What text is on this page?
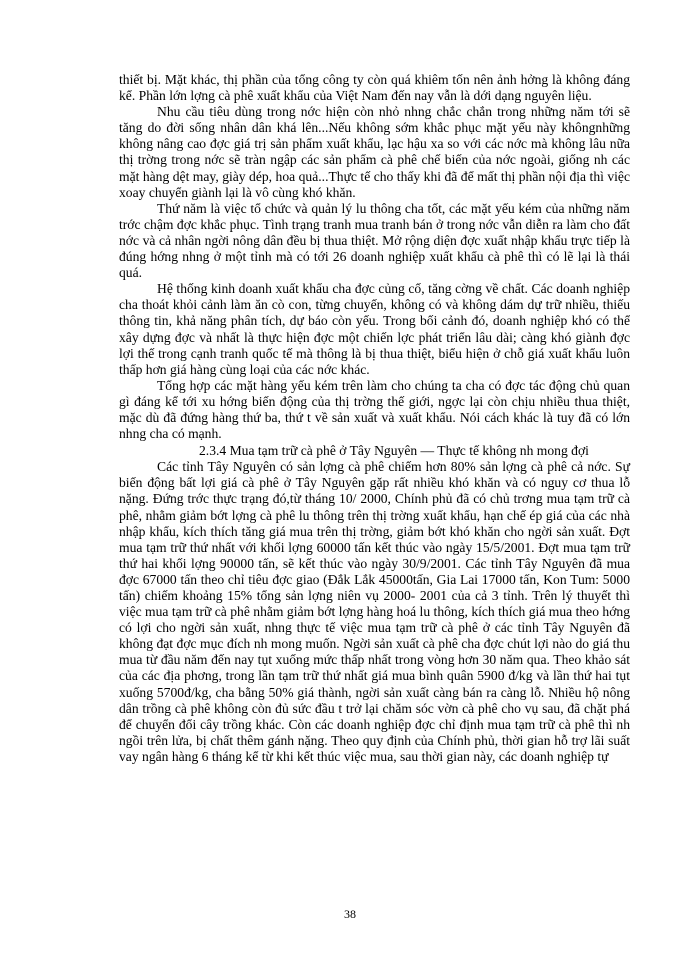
thiết bị. Mặt khác, thị phần của tổng công ty còn quá khiêm tốn nên ảnh hởng là không đáng kể. Phần lớn lợng cà phê xuất khẩu của Việt Nam đến nay vẫn là dới dạng nguyên liệu.

Nhu cầu tiêu dùng trong nớc hiện còn nhỏ nhng chắc chắn trong những năm tới sẽ tăng do đời sống nhân dân khá lên...Nếu không sớm khắc phục mặt yếu này khôngnhững không nâng cao đợc giá trị sản phẩm xuất khẩu, lạc hậu xa so với các nớc mà không lâu nữa thị trờng trong nớc sẽ tràn ngập các sản phẩm cà phê chế biến của nớc ngoài, giống nh các mặt hàng dệt may, giày dép, hoa quả...Thực tế cho thấy khi đã để mất thị phần nội địa thì việc xoay chuyển giành lại là vô cùng khó khăn.

Thứ năm là việc tổ chức và quản lý lu thông cha tốt, các mặt yếu kém của những năm trớc chậm đợc khắc phục. Tình trạng tranh mua tranh bán ở trong nớc vẫn diễn ra làm cho đất nớc và cả nhân ngời nông dân đều bị thua thiệt. Mở rộng diện đợc xuất nhập khẩu trực tiếp là đúng hớng nhng ở một tỉnh mà có tới 26 doanh nghiệp xuất khẩu cà phê thì có lẽ lại là thái quá.

Hệ thống kinh doanh xuất khẩu cha đợc củng cố, tăng cờng về chất. Các doanh nghiệp cha thoát khỏi cảnh làm ăn cò con, từng chuyến, không có và không dám dự trữ nhiều, thiếu thông tin, khả năng phân tích, dự báo còn yếu. Trong bối cảnh đó, doanh nghiệp khó có thể xây dựng đợc và nhất là thực hiện đợc một chiến lợc phát triển lâu dài; càng khó giành đợc lợi thế trong cạnh tranh quốc tế mà thông là bị thua thiệt, biểu hiện ở chỗ giá xuất khẩu luôn thấp hơn giá hàng cùng loại của các nớc khác.

Tổng hợp các mặt hàng yếu kém trên làm cho chúng ta cha có đợc tác động chủ quan gì đáng kể tới xu hớng biến động của thị trờng thế giới, ngợc lại còn chịu nhiều thua thiệt, mặc dù đã đứng hàng thứ ba, thứ t về sản xuất và xuất khẩu. Nói cách khác là tuy đã có lớn nhng cha có mạnh.

2.3.4 Mua tạm trữ cà phê ở Tây Nguyên — Thực tế không nh mong đợi

Các tỉnh Tây Nguyên có sản lợng cà phê chiếm hơn 80% sản lợng cà phê cả nớc. Sự biến động bất lợi giá cà phê ở Tây Nguyên gặp rất nhiều khó khăn và có nguy cơ thua lỗ nặng. Đứng trớc thực trạng đó,từ tháng 10/ 2000, Chính phủ đã có chủ trơng mua tạm trữ cà phê, nhằm giảm bớt lợng cà phê lu thông trên thị trờng xuất khẩu, hạn chế ép giá của các nhà nhập khẩu, kích thích tăng giá mua trên thị trờng, giảm bớt khó khăn cho ngời sản xuất. Đợt mua tạm trữ thứ nhất với khối lợng 60000 tấn kết thúc vào ngày 15/5/2001. Đợt mua tạm trữ thứ hai khối lợng 90000 tấn, sẽ kết thúc vào ngày 30/9/2001. Các tỉnh Tây Nguyên đã mua đợc 67000 tấn theo chỉ tiêu đợc giao (Đắk Lắk 45000tấn, Gia Lai 17000 tấn, Kon Tum: 5000 tấn) chiếm khoảng 15% tổng sản lợng niên vụ 2000- 2001 của cả 3 tỉnh. Trên lý thuyết thì việc mua tạm trữ cà phê nhằm giảm bớt lợng hàng hoá lu thông, kích thích giá mua theo hớng có lợi cho ngời sản xuất, nhng thực tế việc mua tạm trữ cà phê ở các tỉnh Tây Nguyên đã không đạt đợc mục đích nh mong muốn. Ngời sản xuất cà phê cha đợc chút lợi nào do giá thu mua từ đầu năm đến nay tụt xuống mức thấp nhất trong vòng hơn 30 năm qua. Theo khảo sát của các địa phơng, trong lần tạm trữ thứ nhất giá mua bình quân 5900 đ/kg và lần thứ hai tụt xuống 5700đ/kg, cha bằng 50% giá thành, ngời sản xuất càng bán ra càng lỗ. Nhiều hộ nông dân trồng cà phê không còn đủ sức đầu t trở lại chăm sóc vờn cà phê cho vụ sau, đã chặt phá để chuyển đổi cây trồng khác. Còn các doanh nghiệp đợc chỉ định mua tạm trữ cà phê thì nh ngồi trên lửa, bị chất thêm gánh nặng. Theo quy định của Chính phủ, thời gian hỗ trợ lãi suất vay ngân hàng 6 tháng kể từ khi kết thúc việc mua, sau thời gian này, các doanh nghiệp tự

38
